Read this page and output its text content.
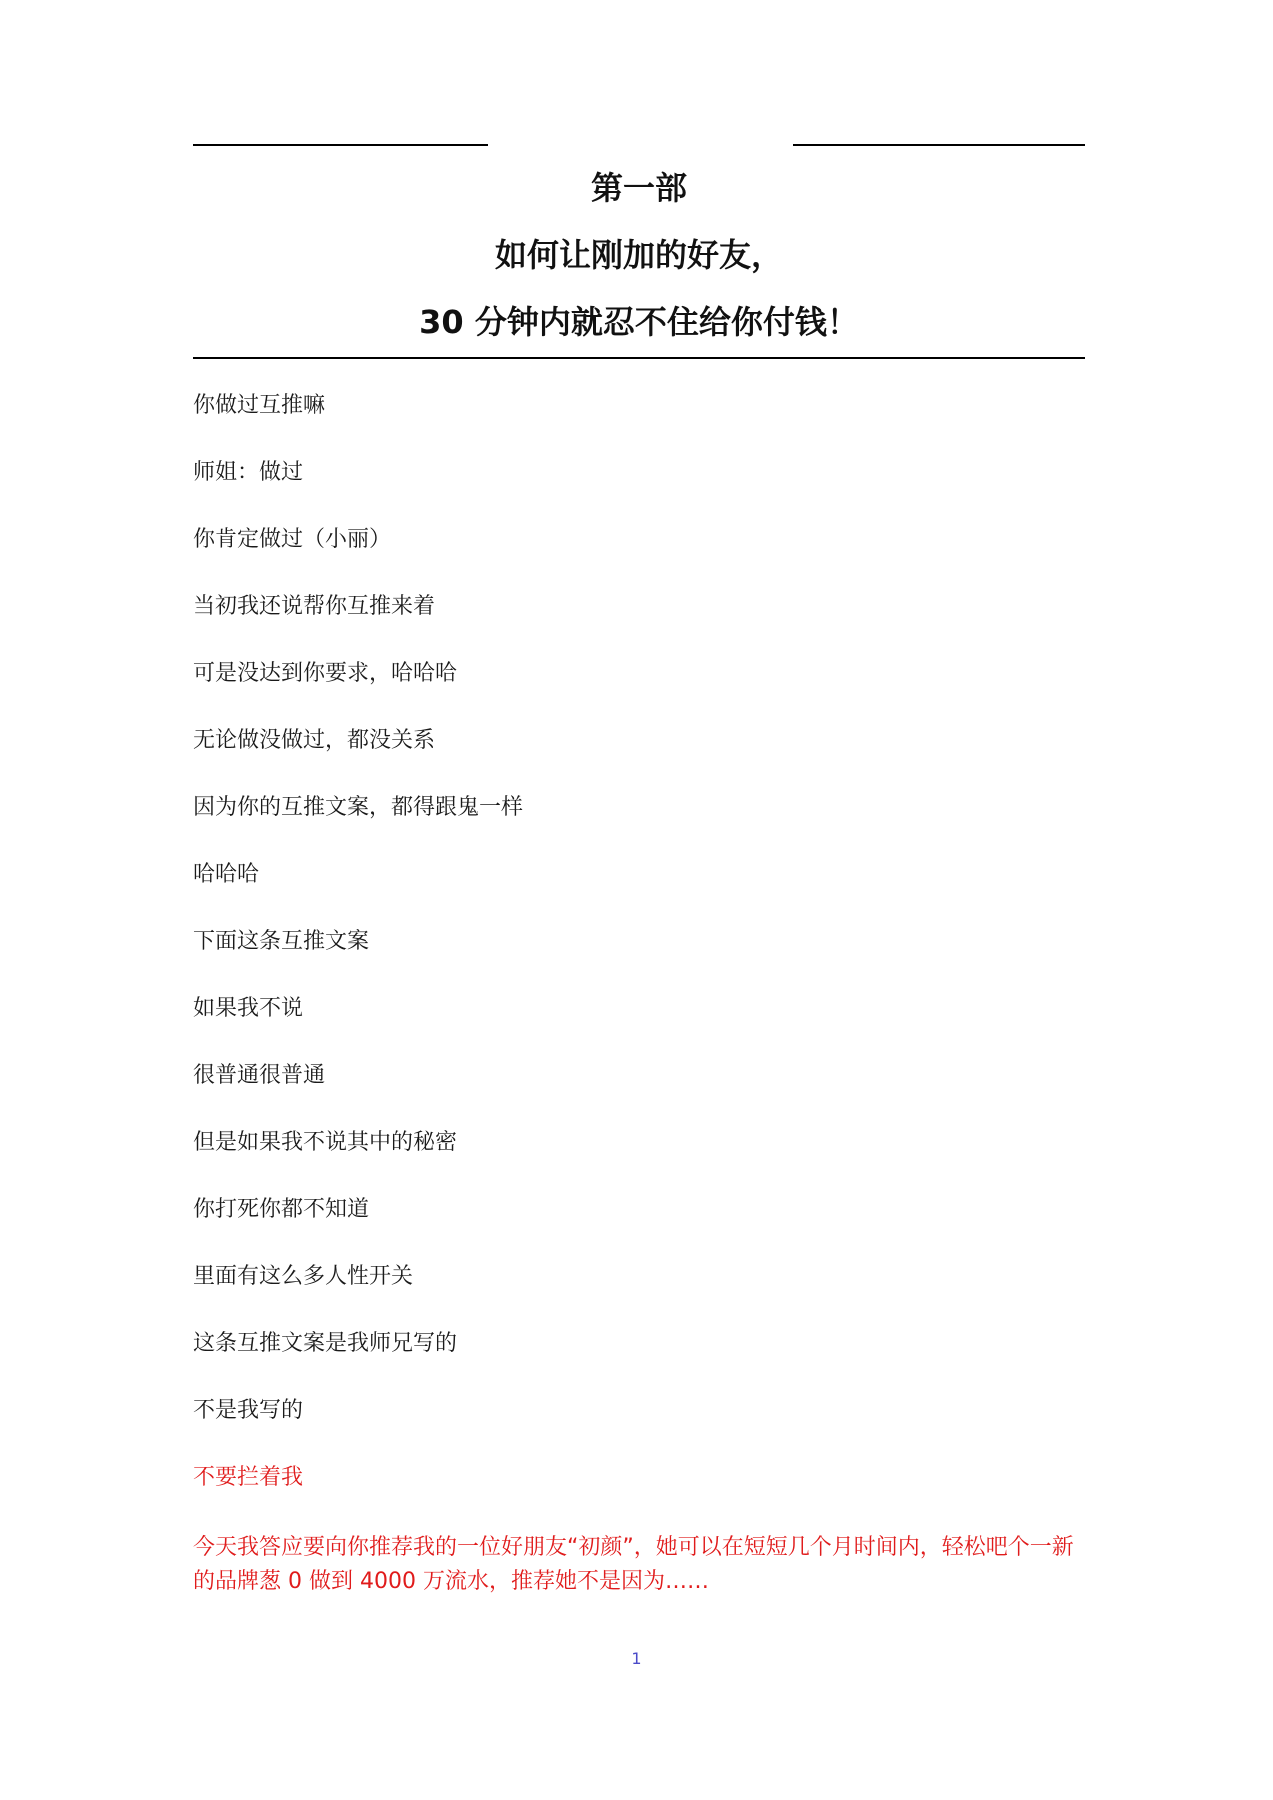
第一部
如何让刚加的好友，
30 分钟内就忍不住给你付钱！
你做过互推嘛
师姐：做过
你肯定做过（小丽）
当初我还说帮你互推来着
可是没达到你要求，哈哈哈
无论做没做过，都没关系
因为你的互推文案，都得跟鬼一样
哈哈哈
下面这条互推文案
如果我不说
很普通很普通
但是如果我不说其中的秘密
你打死你都不知道
里面有这么多人性开关
这条互推文案是我师兄写的
不是我写的
不要拦着我
今天我答应要向你推荐我的一位好朋友“初颜”，她可以在短短几个月时间内，轻松吧个一新的品牌葱 0 做到 4000 万流水，推荐她不是因为……
1
